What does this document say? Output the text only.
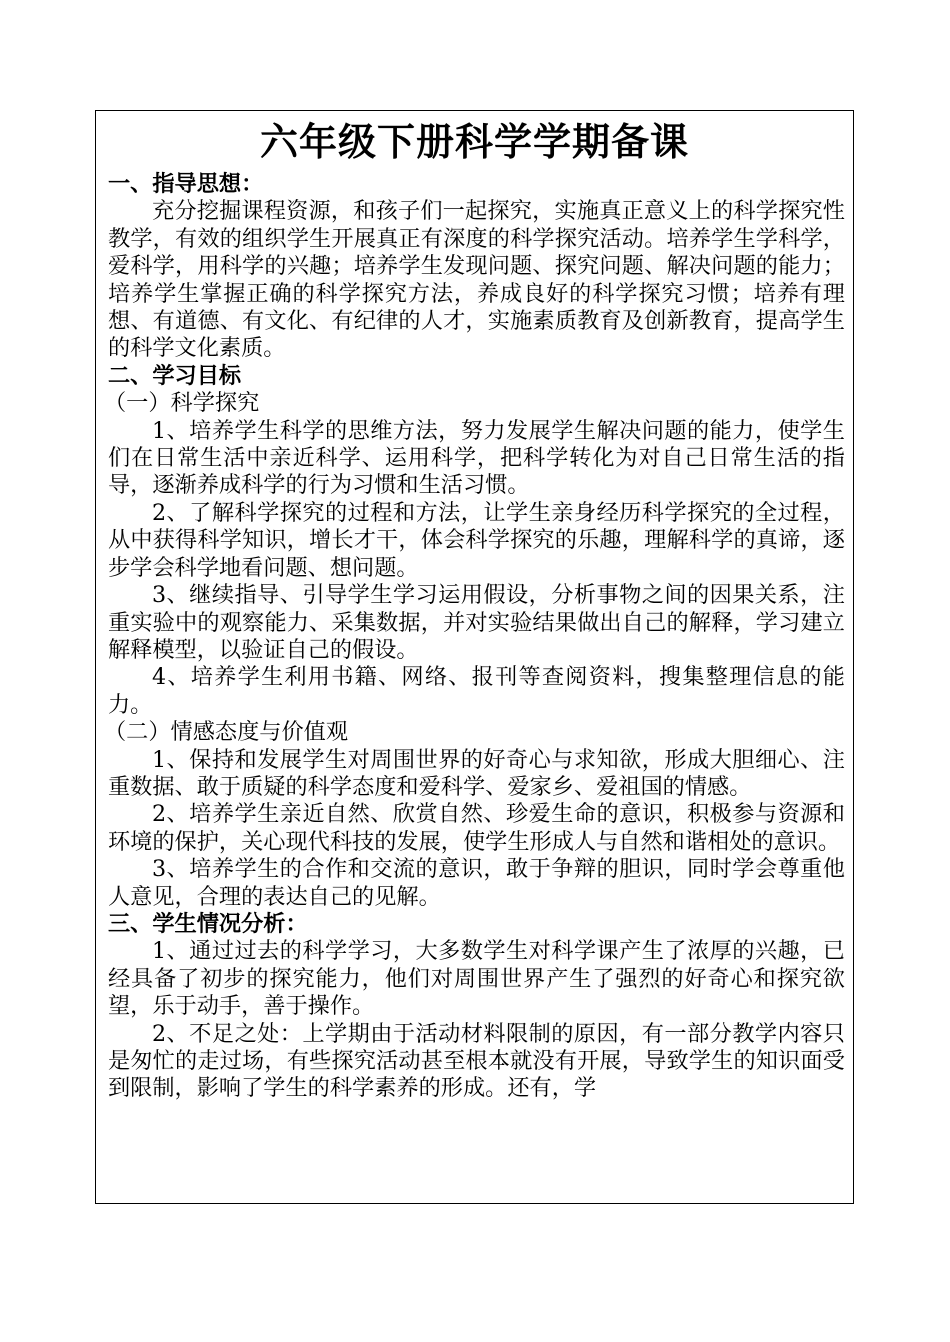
六年级下册科学学期备课

一、指导思想：

充分挖掘课程资源，和孩子们一起探究，实施真正意义上的科学探究性教学，有效的组织学生开展真正有深度的科学探究活动。培养学生学科学，爱科学，用科学的兴趣；培养学生发现问题、探究问题、解决问题的能力；培养学生掌握正确的科学探究方法，养成良好的科学探究习惯；培养有理想、有道德、有文化、有纪律的人才，实施素质教育及创新教育，提高学生的科学文化素质。

二、学习目标

（一）科学探究

1、培养学生科学的思维方法，努力发展学生解决问题的能力，使学生们在日常生活中亲近科学、运用科学，把科学转化为对自己日常生活的指导，逐渐养成科学的行为习惯和生活习惯。

2、了解科学探究的过程和方法，让学生亲身经历科学探究的全过程，从中获得科学知识，增长才干，体会科学探究的乐趣，理解科学的真谛，逐步学会科学地看问题、想问题。

3、继续指导、引导学生学习运用假设，分析事物之间的因果关系，注重实验中的观察能力、采集数据，并对实验结果做出自己的解释，学习建立解释模型，以验证自己的假设。

4、培养学生利用书籍、网络、报刊等查阅资料，搜集整理信息的能力。

（二）情感态度与价值观

1、保持和发展学生对周围世界的好奇心与求知欲，形成大胆细心、注重数据、敢于质疑的科学态度和爱科学、爱家乡、爱祖国的情感。

2、培养学生亲近自然、欣赏自然、珍爱生命的意识，积极参与资源和环境的保护，关心现代科技的发展，使学生形成人与自然和谐相处的意识。

3、培养学生的合作和交流的意识，敢于争辩的胆识，同时学会尊重他人意见，合理的表达自己的见解。

三、学生情况分析：

1、通过过去的科学学习，大多数学生对科学课产生了浓厚的兴趣，已经具备了初步的探究能力，他们对周围世界产生了强烈的好奇心和探究欲望，乐于动手，善于操作。

2、不足之处：上学期由于活动材料限制的原因，有一部分教学内容只是匆忙的走过场，有些探究活动甚至根本就没有开展，导致学生的知识面受到限制，影响了学生的科学素养的形成。还有，学
